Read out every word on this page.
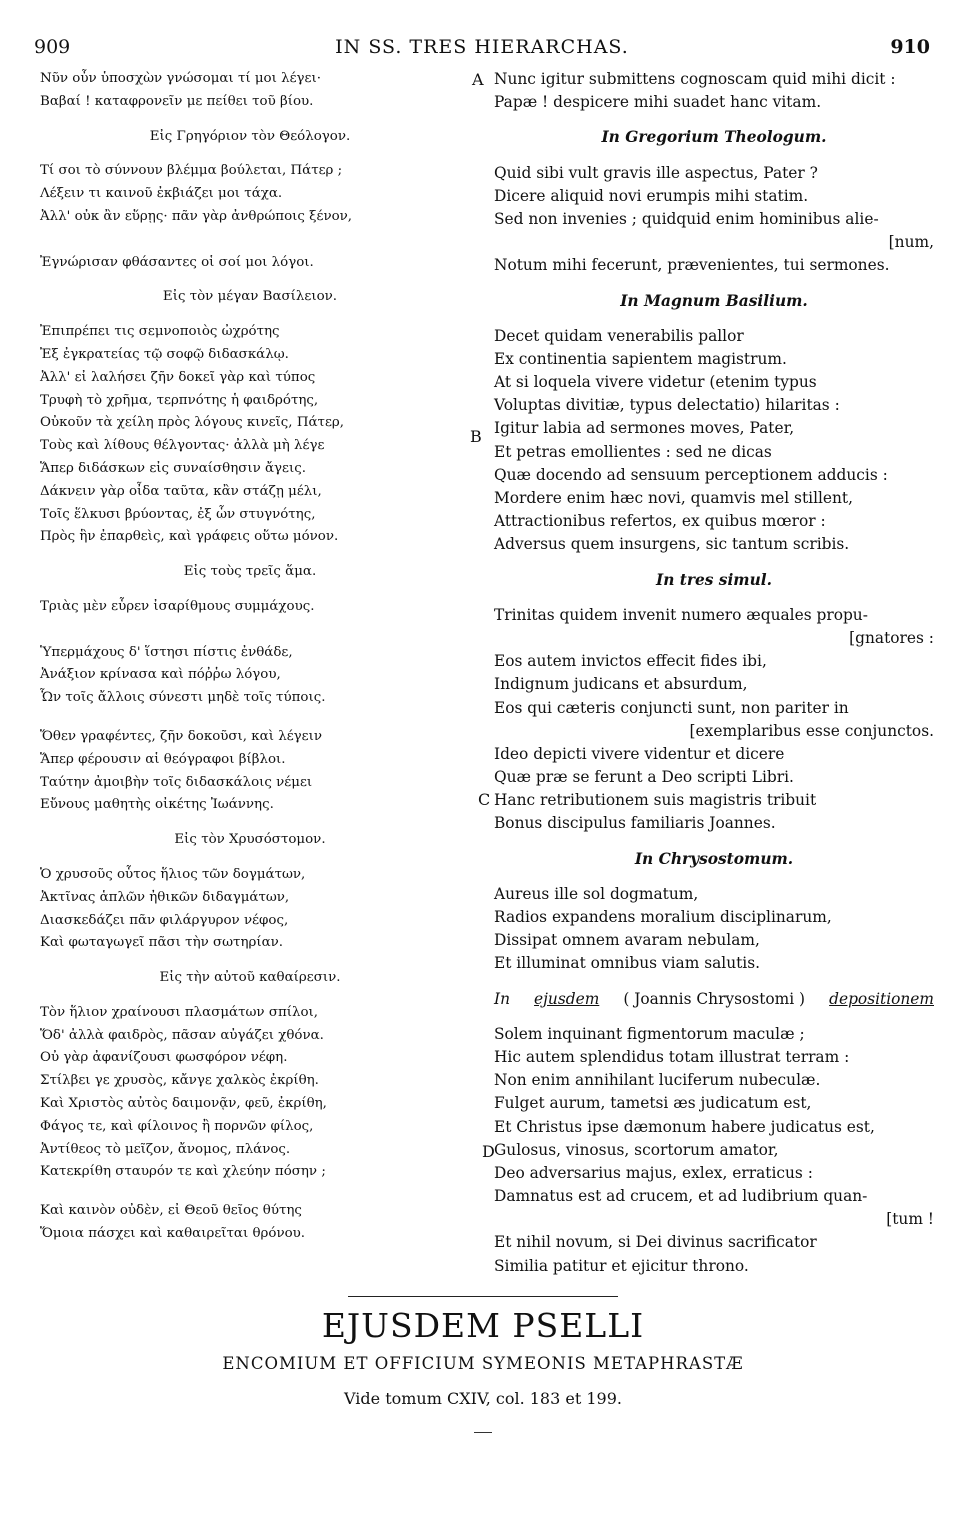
909	IN SS. TRES HIERARCHAS.	910
A
B
C
D
Νῦν οὖν ὑποσχὼν γνώσομαι τί μοι λέγει·
Βαβαί ! καταφρονεῖν με πείθει τοῦ βίου.
Εἰς Γρηγόριον τὸν Θεόλογον.
Τί σοι τὸ σύννουν βλέμμα βούλεται, Πάτερ ;
Λέξειν τι καινοῦ ἐκβιάζει μοι τάχα.
Ἀλλ' οὐκ ἂν εὕρῃς· πᾶν γὰρ ἀνθρώποις ξένον,
Ἐγνώρισαν φθάσαντες οἱ σοί μοι λόγοι.
Εἰς τὸν μέγαν Βασίλειον.
Ἐπιπρέπει τις σεμνοποιὸς ὠχρότης
Ἐξ ἐγκρατείας τῷ σοφῷ διδασκάλῳ.
Ἀλλ' εἰ λαλήσει ζῆν δοκεῖ γὰρ καὶ τύπος
Τρυφὴ τὸ χρῆμα, τερπνότης ἡ φαιδρότης,
Οὐκοῦν τὰ χείλη πρὸς λόγους κινεῖς, Πάτερ,
Τοὺς καὶ λίθους θέλγοντας· ἀλλὰ μὴ λέγε
Ἅπερ διδάσκων εἰς συναίσθησιν ἄγεις.
Δάκνειν γὰρ οἶδα ταῦτα, κἂν στάζῃ μέλι,
Τοῖς ἕλκυσι βρύοντας, ἐξ ὧν στυγνότης,
Πρὸς ἣν ἐπαρθεὶς, καὶ γράφεις οὕτω μόνον.
Εἰς τοὺς τρεῖς ἅμα.
Τριὰς μὲν εὗρεν ἰσαρίθμους συμμάχους.
Ὑπερμάχους δ' ἵστησι πίστις ἐνθάδε,
Ἀνάξιον κρίνασα καὶ πόῤῥω λόγου,
Ὧν τοῖς ἄλλοις σύνεστι μηδὲ τοῖς τύποις.
Ὅθεν γραφέντες, ζῆν δοκοῦσι, καὶ λέγειν
Ἅπερ φέρουσιν αἱ θεόγραφοι βίβλοι.
Ταύτην ἀμοιβὴν τοῖς διδασκάλοις νέμει
Εὔνους μαθητὴς οἰκέτης Ἰωάννης.
Εἰς τὸν Χρυσόστομον.
Ὁ χρυσοῦς οὗτος ἥλιος τῶν δογμάτων,
Ἀκτῖνας ἁπλῶν ἠθικῶν διδαγμάτων,
Διασκεδάζει πᾶν φιλάργυρον νέφος,
Καὶ φωταγωγεῖ πᾶσι τὴν σωτηρίαν.
Εἰς τὴν αὐτοῦ καθαίρεσιν.
Τὸν ἥλιον χραίνουσι πλασμάτων σπίλοι,
Ὅδ' ἀλλὰ φαιδρὸς, πᾶσαν αὐγάζει χθόνα.
Οὐ γὰρ ἀφανίζουσι φωσφόρον νέφη.
Στίλβει γε χρυσὸς, κἄνγε χαλκὸς ἐκρίθη.
Καὶ Χριστὸς αὐτὸς δαιμονᾷν, φεῦ, ἐκρίθη,
Φάγος τε, καὶ φίλοινος ἢ πορνῶν φίλος,
Ἀντίθεος τὸ μεῖζον, ἄνομος, πλάνος.
Κατεκρίθη σταυρόν τε καὶ χλεύην πόσην ;
Καὶ καινὸν οὐδὲν, εἰ Θεοῦ θεῖος θύτης
Ὅμοια πάσχει καὶ καθαιρεῖται θρόνου.
Nunc igitur submittens cognoscam quid mihi dicit :
Papæ ! despicere mihi suadet hanc vitam.
In Gregorium Theologum.
Quid sibi vult gravis ille aspectus, Pater ?
Dicere aliquid novi erumpis mihi statim.
Sed non invenies ; quidquid enim hominibus alie-
[num,
Notum mihi fecerunt, prævenientes, tui sermones.
In Magnum Basilium.
Decet quidam venerabilis pallor
Ex continentia sapientem magistrum.
At si loquela vivere videtur (etenim typus
Voluptas divitiæ, typus delectatio) hilaritas :
Igitur labia ad sermones moves, Pater,
Et petras emollientes : sed ne dicas
Quæ docendo ad sensuum perceptionem adducis :
Mordere enim hæc novi, quamvis mel stillent,
Attractionibus refertos, ex quibus mœror :
Adversus quem insurgens, sic tantum scribis.
In tres simul.
Trinitas quidem invenit numero æquales propu-
[gnatores :
Eos autem invictos effecit fides ibi,
Indignum judicans et absurdum,
Eos qui cæteris conjuncti sunt, non pariter in
[exemplaribus esse conjunctos.
Ideo depicti vivere videntur et dicere
Quæ præ se ferunt a Deo scripti Libri.
Hanc retributionem suis magistris tribuit
Bonus discipulus familiaris Joannes.
In Chrysostomum.
Aureus ille sol dogmatum,
Radios expandens moralium disciplinarum,
Dissipat omnem avaram nebulam,
Et illuminat omnibus viam salutis.
In ejusdem ( Joannis Chrysostomi ) depositionem
Solem inquinant figmentorum maculæ ;
Hic autem splendidus totam illustrat terram :
Non enim annihilant luciferum nubeculæ.
Fulget aurum, tametsi æs judicatum est,
Et Christus ipse dæmonum habere judicatus est,
Gulosus, vinosus, scortorum amator,
Deo adversarius majus, exlex, erraticus :
Damnatus est ad crucem, et ad ludibrium quan-
[tum !
Et nihil novum, si Dei divinus sacrificator
Similia patitur et ejicitur throno.
EJUSDEM PSELLI
ENCOMIUM ET OFFICIUM SYMEONIS METAPHRASTÆ
Vide tomum CXIV, col. 183 et 199.
